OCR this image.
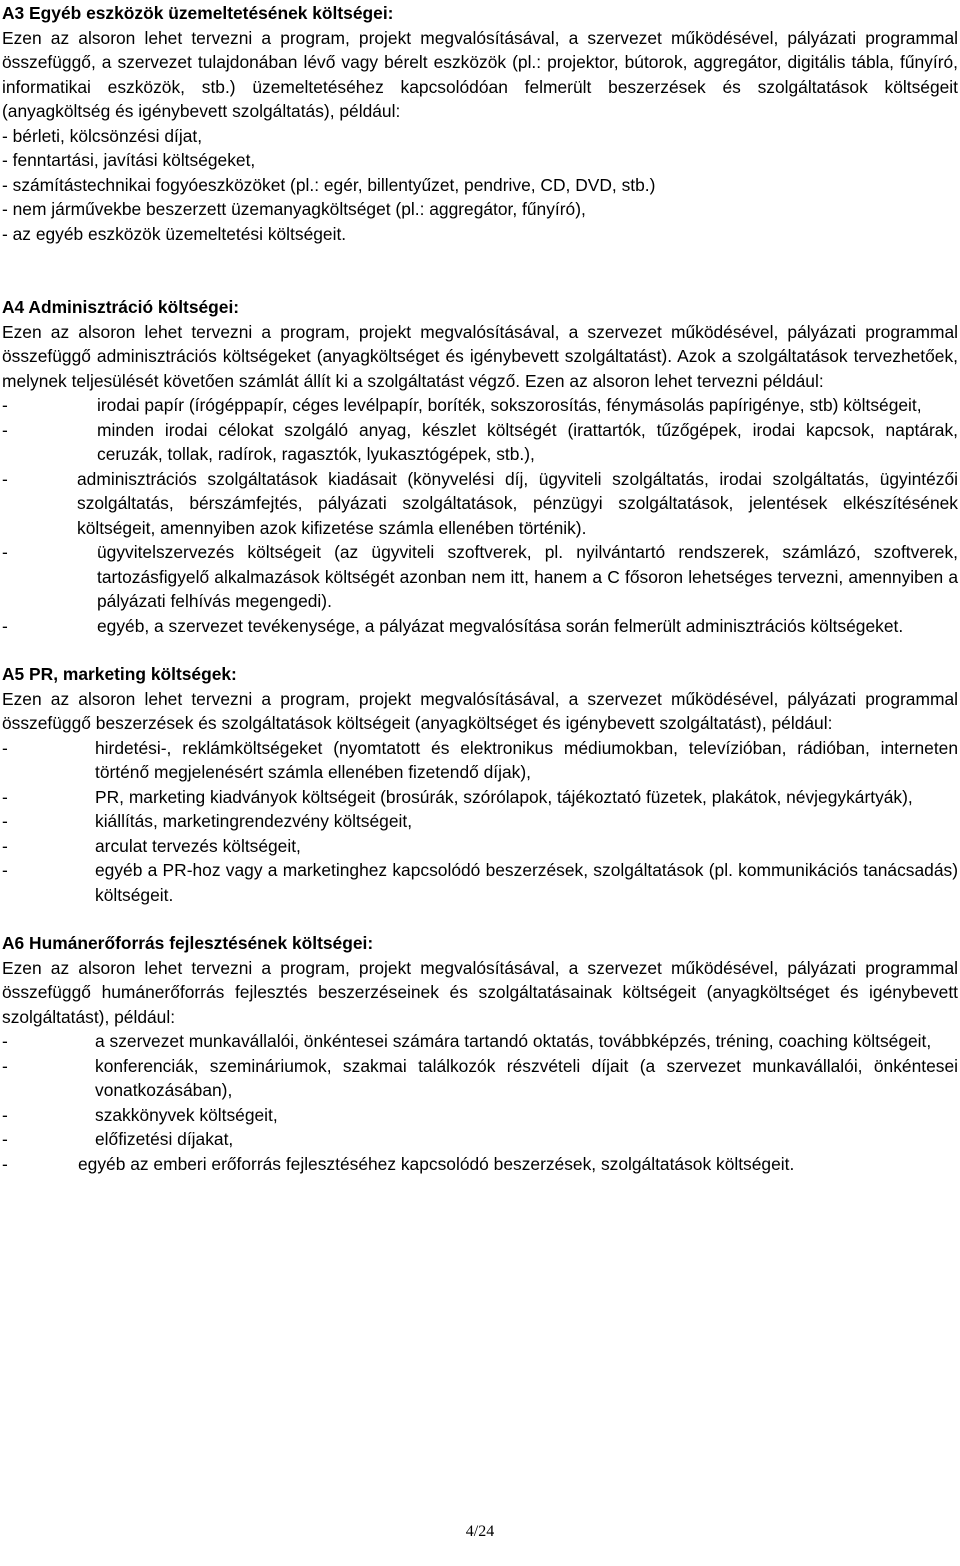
A3 Egyéb eszközök üzemeltetésének költségei:

Ezen az alsoron lehet tervezni a program, projekt megvalósításával, a szervezet működésével, pályázati programmal összefüggő, a szervezet tulajdonában lévő vagy bérelt eszközök (pl.: projektor, bútorok, aggregátor, digitális tábla, fűnyíró, informatikai eszközök, stb.) üzemeltetéséhez kapcsolódóan felmerült beszerzések és szolgáltatások költségeit (anyagköltség és igénybevett szolgáltatás), például:

- bérleti, kölcsönzési díjat,
- fenntartási, javítási költségeket,
- számítástechnikai fogyóeszközöket (pl.: egér, billentyűzet, pendrive, CD, DVD, stb.)
- nem járművekbe beszerzett üzemanyagköltséget (pl.: aggregátor, fűnyíró),
- az egyéb eszközök üzemeltetési költségeit.
A4 Adminisztráció költségei:

Ezen az alsoron lehet tervezni a program, projekt megvalósításával, a szervezet működésével, pályázati programmal összefüggő adminisztrációs költségeket (anyagköltséget és igénybevett szolgáltatást). Azok a szolgáltatások tervezhetőek, melynek teljesülését követően számlát állít ki a szolgáltatást végző. Ezen az alsoron lehet tervezni például:

-	irodai papír (írógéppapír, céges levélpapír, boríték, sokszorosítás, fénymásolás papírigénye, stb) költségeit,
-	minden irodai célokat szolgáló anyag, készlet költségét (irattartók, tűzőgépek, irodai kapcsok, naptárak, ceruzák, tollak, radírok, ragasztók, lyukasztógépek, stb.),
-	adminisztrációs szolgáltatások kiadásait (könyvelési díj, ügyviteli szolgáltatás, irodai szolgáltatás, ügyintézői szolgáltatás, bérszámfejtés, pályázati szolgáltatások, pénzügyi szolgáltatások, jelentések elkészítésének költségeit, amennyiben azok kifizetése számla ellenében történik).
-	ügyvitelszervezés költségeit (az ügyviteli szoftverek, pl. nyilvántartó rendszerek, számlázó, szoftverek, tartozásfigyelő alkalmazások költségét azonban nem itt, hanem a C fősoron lehetséges tervezni, amennyiben a pályázati felhívás megengedi).
-	egyéb, a szervezet tevékenysége, a pályázat megvalósítása során felmerült adminisztrációs költségeket.
A5 PR, marketing költségek:

Ezen az alsoron lehet tervezni a program, projekt megvalósításával, a szervezet működésével, pályázati programmal összefüggő beszerzések és szolgáltatások költségeit (anyagköltséget és igénybevett szolgáltatást), például:

-	hirdetési-, reklámköltségeket (nyomtatott és elektronikus médiumokban, televízióban, rádióban, interneten történő megjelenésért számla ellenében fizetendő díjak),
-	PR, marketing kiadványok költségeit (brosúrák, szórólapok, tájékoztató füzetek, plakátok, névjegykártyák),
-	kiállítás, marketingrendezvény költségeit,
-	arculat tervezés költségeit,
-	egyéb a PR-hoz vagy a marketinghez kapcsolódó beszerzések, szolgáltatások (pl. kommunikációs tanácsadás) költségeit.
A6 Humánerőforrás fejlesztésének költségei:

Ezen az alsoron lehet tervezni a program, projekt megvalósításával, a szervezet működésével, pályázati programmal összefüggő humánerőforrás fejlesztés beszerzéseinek és szolgáltatásainak költségeit (anyagköltséget és igénybevett szolgáltatást), például:

-	a szervezet munkavállalói, önkéntesei számára tartandó oktatás, továbbképzés, tréning, coaching költségeit,
-	konferenciák, szemináriumok, szakmai találkozók részvételi díjait (a szervezet munkavállalói, önkéntesei vonatkozásában),
-	szakkönyvek költségeit,
-	előfizetési díjakat,
-	egyéb az emberi erőforrás fejlesztéséhez kapcsolódó beszerzések, szolgáltatások költségeit.
4/24
